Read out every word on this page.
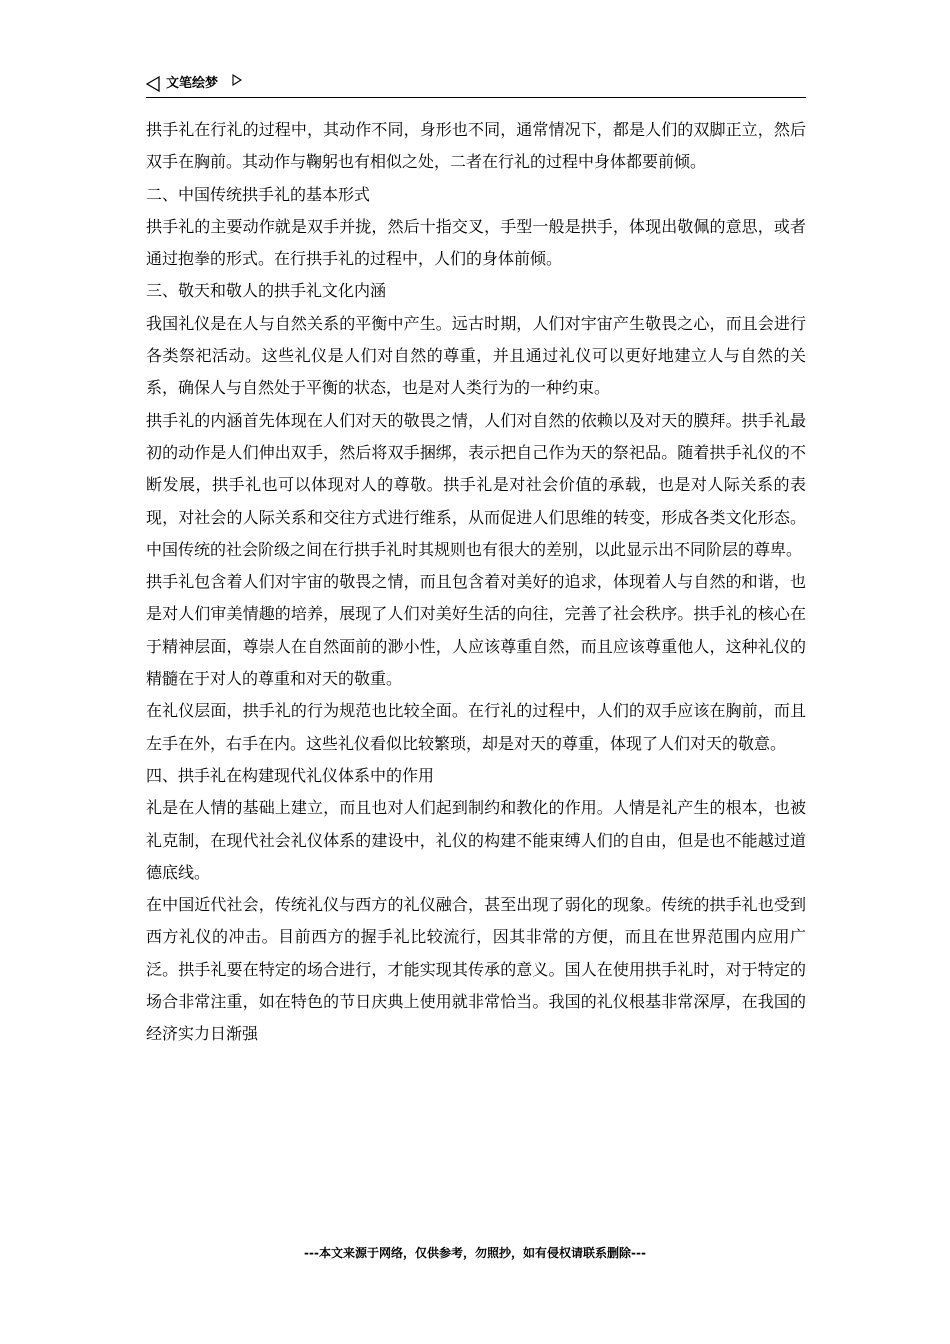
文笔绘梦

拱手礼在行礼的过程中，其动作不同，身形也不同，通常情况下，都是人们的双脚正立，然后双手在胸前。其动作与鞠躬也有相似之处，二者在行礼的过程中身体都要前倾。

二、中国传统拱手礼的基本形式

拱手礼的主要动作就是双手并拢，然后十指交叉，手型一般是拱手，体现出敬佩的意思，或者通过抱拳的形式。在行拱手礼的过程中，人们的身体前倾。

三、敬天和敬人的拱手礼文化内涵

我国礼仪是在人与自然关系的平衡中产生。远古时期，人们对宇宙产生敬畏之心，而且会进行各类祭祀活动。这些礼仪是人们对自然的尊重，并且通过礼仪可以更好地建立人与自然的关系，确保人与自然处于平衡的状态，也是对人类行为的一种约束。

拱手礼的内涵首先体现在人们对天的敬畏之情，人们对自然的依赖以及对天的膜拜。拱手礼最初的动作是人们伸出双手，然后将双手捆绑，表示把自己作为天的祭祀品。随着拱手礼仪的不断发展，拱手礼也可以体现对人的尊敬。拱手礼是对社会价值的承载，也是对人际关系的表现，对社会的人际关系和交往方式进行维系，从而促进人们思维的转变，形成各类文化形态。中国传统的社会阶级之间在行拱手礼时其规则也有很大的差别，以此显示出不同阶层的尊卑。

拱手礼包含着人们对宇宙的敬畏之情，而且包含着对美好的追求，体现着人与自然的和谐，也是对人们审美情趣的培养，展现了人们对美好生活的向往，完善了社会秩序。拱手礼的核心在于精神层面，尊崇人在自然面前的渺小性，人应该尊重自然，而且应该尊重他人，这种礼仪的精髓在于对人的尊重和对天的敬重。

在礼仪层面，拱手礼的行为规范也比较全面。在行礼的过程中，人们的双手应该在胸前，而且左手在外，右手在内。这些礼仪看似比较繁琐，却是对天的尊重，体现了人们对天的敬意。

四、拱手礼在构建现代礼仪体系中的作用

礼是在人情的基础上建立，而且也对人们起到制约和教化的作用。人情是礼产生的根本，也被礼克制，在现代社会礼仪体系的建设中，礼仪的构建不能束缚人们的自由，但是也不能越过道德底线。

在中国近代社会，传统礼仪与西方的礼仪融合，甚至出现了弱化的现象。传统的拱手礼也受到西方礼仪的冲击。目前西方的握手礼比较流行，因其非常的方便，而且在世界范围内应用广泛。拱手礼要在特定的场合进行，才能实现其传承的意义。国人在使用拱手礼时，对于特定的场合非常注重，如在特色的节日庆典上使用就非常恰当。我国的礼仪根基非常深厚，在我国的经济实力日渐强

---本文来源于网络，仅供参考，勿照抄，如有侵权请联系删除---
